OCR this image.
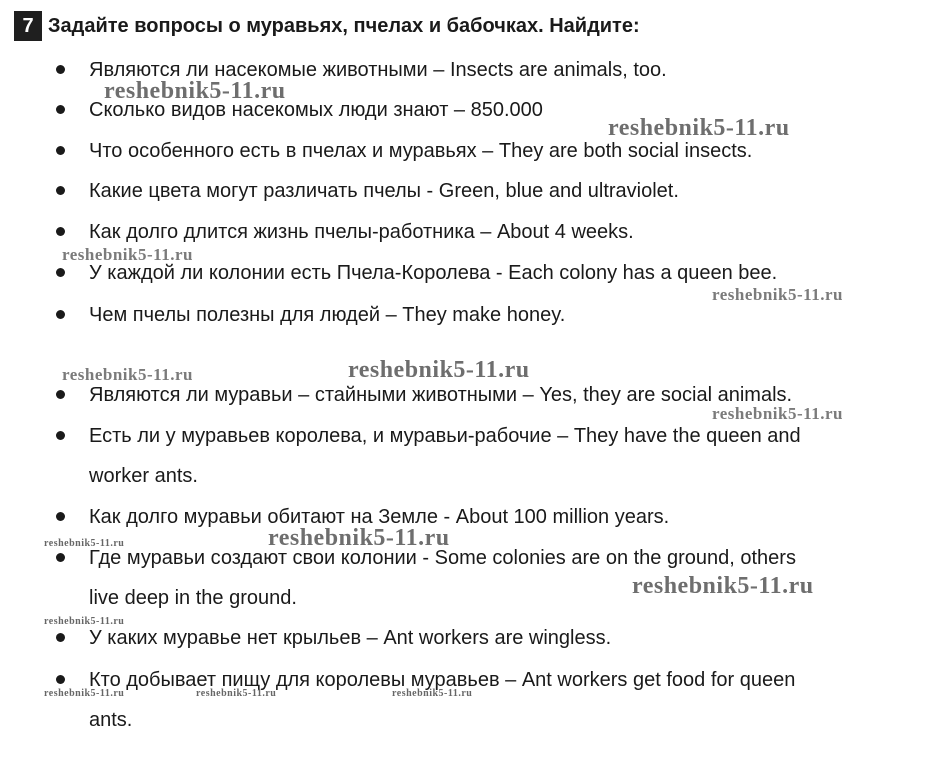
7 Задайте вопросы о муравьях, пчелах и бабочках. Найдите:
Являются ли насекомые животными – Insects are animals, too.
Сколько видов насекомых люди знают – 850.000
Что особенного есть в пчелах и муравьях – They are both social insects.
Какие цвета могут различать пчелы - Green, blue and ultraviolet.
Как долго длится жизнь пчелы-работника – About 4 weeks.
У каждой ли колонии есть Пчела-Королева - Each colony has a queen bee.
Чем пчелы полезны для людей – They make honey.
Являются ли муравьи – стайными животными – Yes, they are social animals.
Есть ли у муравьев королева, и муравьи-рабочие – They have the queen and
worker ants.
Как долго муравьи обитают на Земле - About 100 million years.
Где муравьи создают свои колонии - Some colonies are on the ground, others
live deep in the ground.
У каких муравье нет крыльев – Ant workers are wingless.
Кто добывает пищу для королевы муравьев – Ant workers get food for queen
ants.
reshebnik5-11.ru
reshebnik5-11.ru
reshebnik5-11.ru
reshebnik5-11.ru
reshebnik5-11.ru	reshebnik5-11.ru
reshebnik5-11.ru
reshebnik5-11.ru
reshebnik5-11.ru
reshebnik5-11.ru
reshebnik5-11.ru
reshebnik5-11.ru	reshebnik5-11.ru	reshebnik5-11.ru
